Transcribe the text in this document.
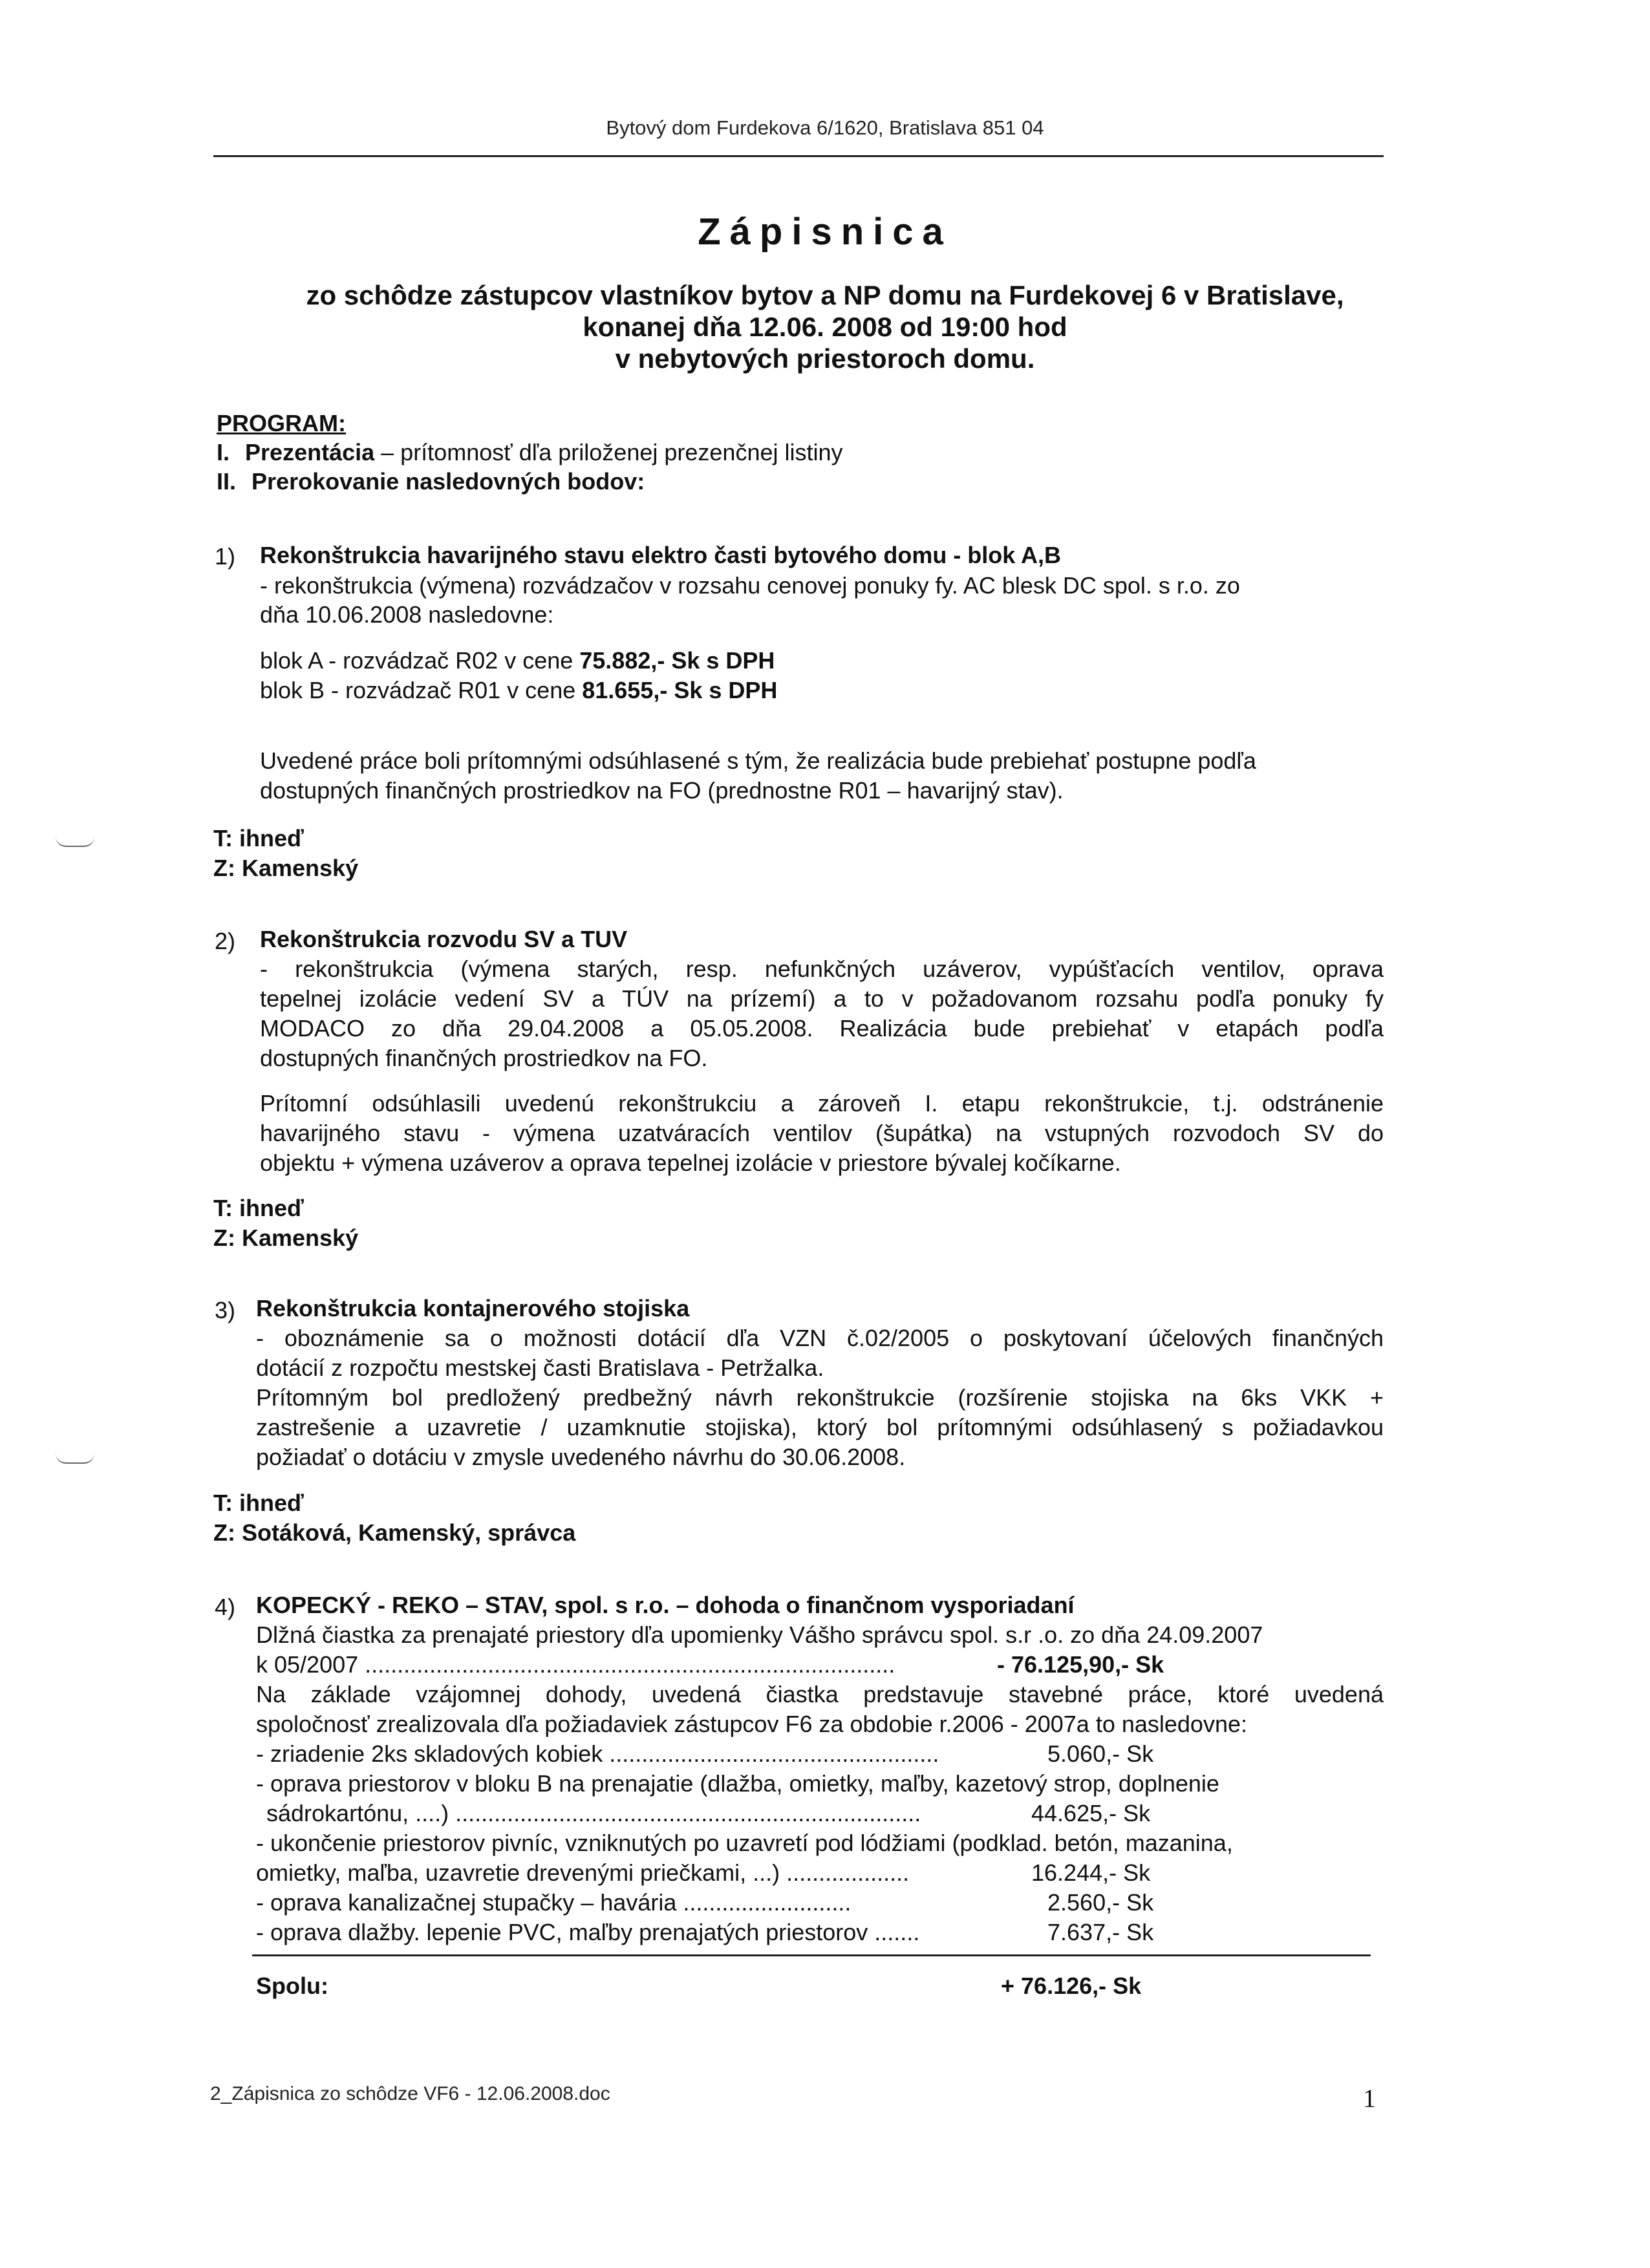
Bytový dom Furdekova 6/1620, Bratislava 851 04
Zápisnica
zo schôdze zástupcov vlastníkov bytov a NP domu na Furdekovej 6 v Bratislave,
konanej dňa 12.06. 2008 od 19:00 hod
v nebytových priestoroch domu.
PROGRAM:
I. Prezentácia – prítomnosť dľa priloženej prezenčnej listiny
II. Prerokovanie nasledovných bodov:
1) Rekonštrukcia havarijného stavu elektro časti bytového domu - blok A,B
- rekonštrukcia (výmena) rozvádzačov v rozsahu cenovej ponuky fy. AC blesk DC spol. s r.o. zo
dňa 10.06.2008 nasledovne:
blok A - rozvádzač R02 v cene 75.882,- Sk s DPH
blok B - rozvádzač R01 v cene 81.655,- Sk s DPH
Uvedené práce boli prítomnými odsúhlasené s tým, že realizácia bude prebiehať postupne podľa
dostupných finančných prostriedkov na FO (prednostne R01 – havarijný stav).
T: ihneď
Z: Kamenský
2) Rekonštrukcia rozvodu SV a TUV
- rekonštrukcia (výmena starých, resp. nefunkčných uzáverov, vypúšťacích ventilov, oprava
tepelnej izolácie vedení SV a TÚV na prízemí) a to v požadovanom rozsahu podľa ponuky fy
MODACO zo dňa 29.04.2008 a 05.05.2008. Realizácia bude prebiehať v etapách podľa
dostupných finančných prostriedkov na FO.
Prítomní odsúhlasili uvedenú rekonštrukciu a zároveň I. etapu rekonštrukcie, t.j. odstránenie
havarijného stavu - výmena uzatváracích ventilov (šupátka) na vstupných rozvodoch SV do
objektu + výmena uzáverov a oprava tepelnej izolácie v priestore bývalej kočíkarne.
T: ihneď
Z: Kamenský
3) Rekonštrukcia kontajnerového stojiska
- oboznámenie sa o možnosti dotácií dľa VZN č.02/2005 o poskytovaní účelových finančných
dotácií z rozpočtu mestskej časti Bratislava - Petržalka.
Prítomným bol predložený predbežný návrh rekonštrukcie (rozšírenie stojiska na 6ks VKK +
zastrešenie a uzavretie / uzamknutie stojiska), ktorý bol prítomnými odsúhlasený s požiadavkou
požiadať o dotáciu v zmysle uvedeného návrhu do 30.06.2008.
T: ihneď
Z: Sotáková, Kamenský, správca
4) KOPECKÝ - REKO – STAV, spol. s r.o. – dohoda o finančnom vysporiadaní
Dlžná čiastka za prenajaté priestory dľa upomienky Vášho správcu spol. s.r .o. zo dňa 24.09.2007
k 05/2007 ..................................................................................	- 76.125,90,- Sk
Na základe vzájomnej dohody, uvedená čiastka predstavuje stavebné práce, ktoré uvedená
spoločnosť zrealizovala dľa požiadaviek zástupcov F6 za obdobie r.2006 - 2007a to nasledovne:
- zriadenie 2ks skladových kobiek ...................................................	5.060,- Sk
- oprava priestorov v bloku B na prenajatie (dlažba, omietky, maľby, kazetový strop, doplnenie
sádrokartónu, ....) ........................................................................	44.625,- Sk
- ukončenie priestorov pivníc, vzniknutých po uzavretí pod lódžiami (podklad. betón, mazanina,
omietky, maľba, uzavretie drevenými priečkami, ...) ...................	16.244,- Sk
- oprava kanalizačnej stupačky – havária ..........................	2.560,- Sk
- oprava dlažby. lepenie PVC, maľby prenajatých priestorov .......	7.637,- Sk
Spolu:	+ 76.126,- Sk
2_Zápisnica zo schôdze VF6 - 12.06.2008.doc	1
